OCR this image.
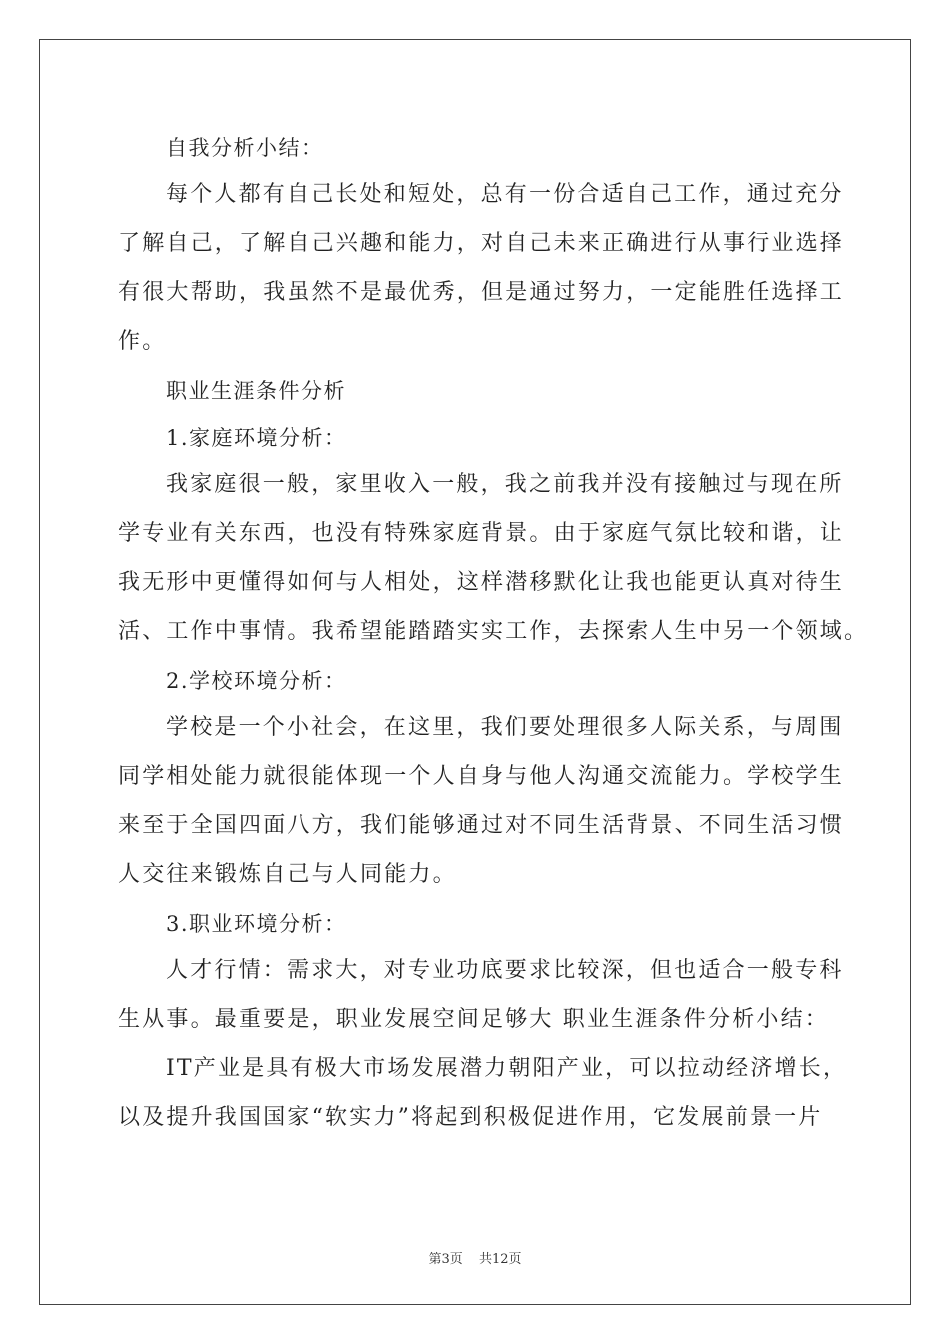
自我分析小结：
每个人都有自己长处和短处，总有一份合适自己工作，通过充分
了解自己，了解自己兴趣和能力，对自己未来正确进行从事行业选择
有很大帮助，我虽然不是最优秀，但是通过努力，一定能胜任选择工
作。
职业生涯条件分析
1.家庭环境分析：
我家庭很一般，家里收入一般，我之前我并没有接触过与现在所
学专业有关东西，也没有特殊家庭背景。由于家庭气氛比较和谐，让
我无形中更懂得如何与人相处，这样潜移默化让我也能更认真对待生
活、工作中事情。我希望能踏踏实实工作，去探索人生中另一个领域。
2.学校环境分析：
学校是一个小社会，在这里，我们要处理很多人际关系，与周围
同学相处能力就很能体现一个人自身与他人沟通交流能力。学校学生
来至于全国四面八方，我们能够通过对不同生活背景、不同生活习惯
人交往来锻炼自己与人同能力。
3.职业环境分析：
人才行情：需求大，对专业功底要求比较深，但也适合一般专科
生从事。最重要是，职业发展空间足够大 职业生涯条件分析小结：
IT产业是具有极大市场发展潜力朝阳产业，可以拉动经济增长，
以及提升我国国家“软实力”将起到积极促进作用，它发展前景一片
第3页 共12页
